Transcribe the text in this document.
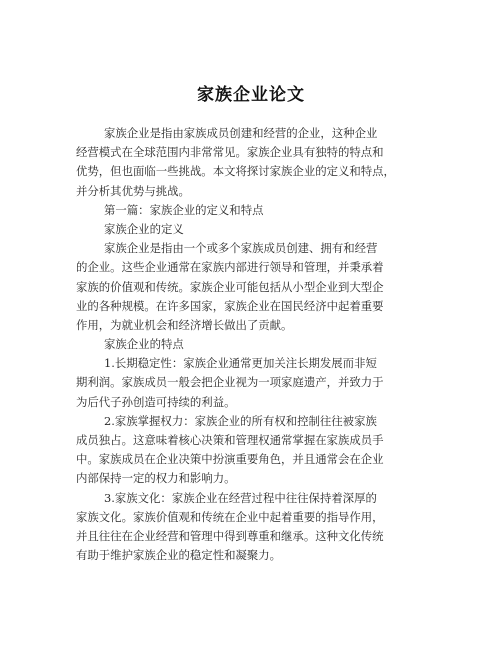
家族企业论文
家族企业是指由家族成员创建和经营的企业，这种企业
经营模式在全球范围内非常常见。家族企业具有独特的特点和
优势，但也面临一些挑战。本文将探讨家族企业的定义和特点，
并分析其优势与挑战。
第一篇：家族企业的定义和特点
家族企业的定义
家族企业是指由一个或多个家族成员创建、拥有和经营
的企业。这些企业通常在家族内部进行领导和管理，并秉承着
家族的价值观和传统。家族企业可能包括从小型企业到大型企
业的各种规模。在许多国家，家族企业在国民经济中起着重要
作用，为就业机会和经济增长做出了贡献。
家族企业的特点
1.长期稳定性：家族企业通常更加关注长期发展而非短
期利润。家族成员一般会把企业视为一项家庭遗产，并致力于
为后代子孙创造可持续的利益。
2.家族掌握权力：家族企业的所有权和控制往往被家族
成员独占。这意味着核心决策和管理权通常掌握在家族成员手
中。家族成员在企业决策中扮演重要角色，并且通常会在企业
内部保持一定的权力和影响力。
3.家族文化：家族企业在经营过程中往往保持着深厚的
家族文化。家族价值观和传统在企业中起着重要的指导作用，
并且往往在企业经营和管理中得到尊重和继承。这种文化传统
有助于维护家族企业的稳定性和凝聚力。
